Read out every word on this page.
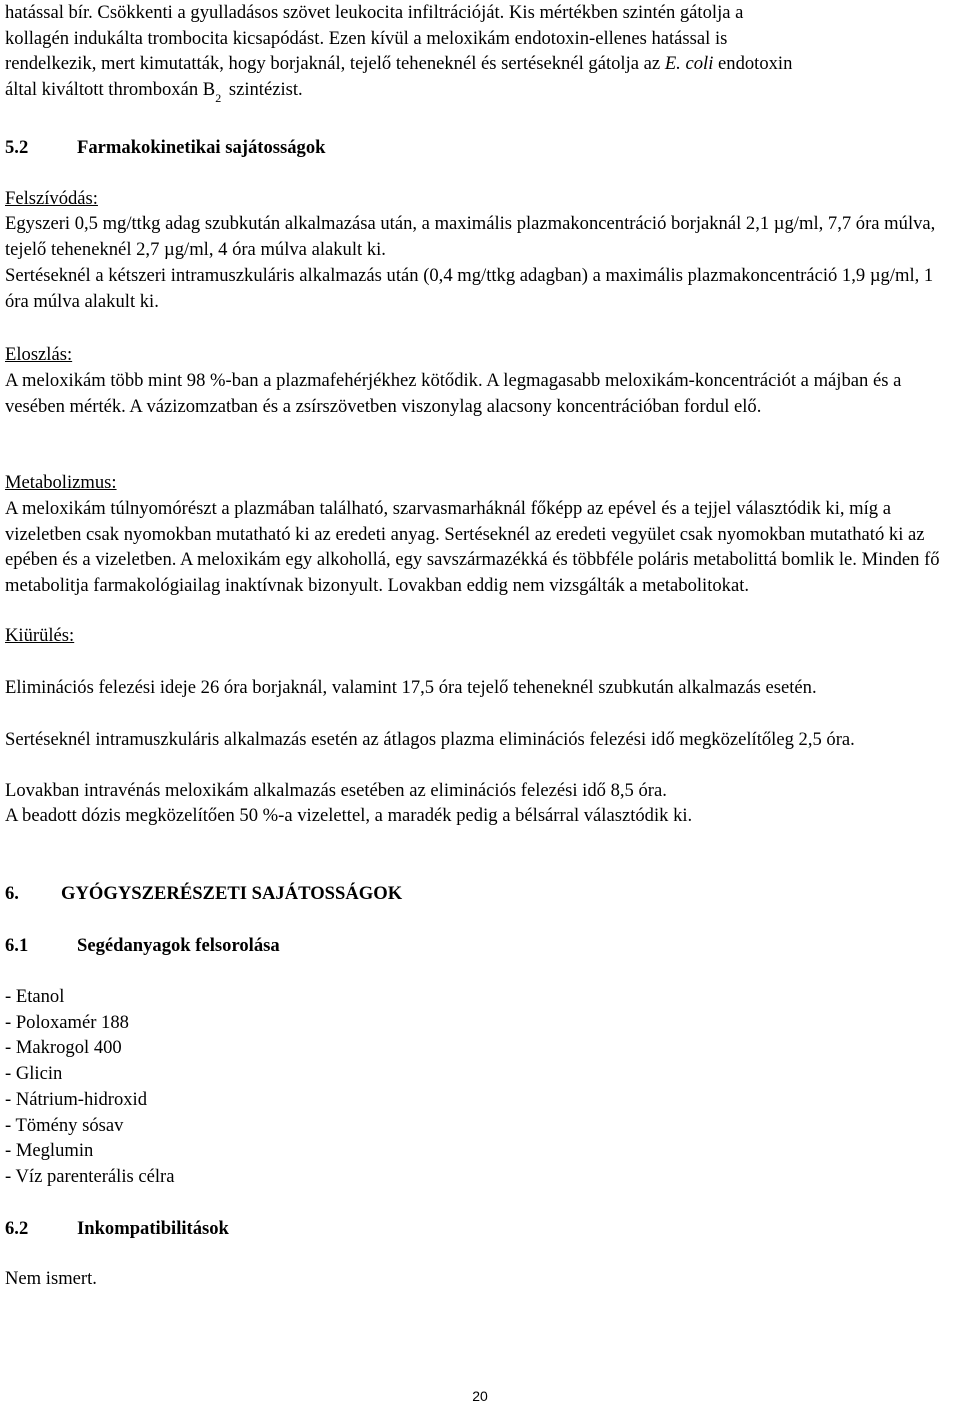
hatással bír. Csökkenti a gyulladásos szövet leukocita infiltrációját. Kis mértékben szintén gátolja a
kollagén indukálta trombocita kicsapódást. Ezen kívül a meloxikám endotoxin-ellenes hatással is
rendelkezik, mert kimutatták, hogy borjaknál, tejelő teheneknél és sertéseknél gátolja az E. coli endotoxin
által kiváltott thromboxán $B_2$ szintézist.
5.2	Farmakokinetikai sajátosságok
Felszívódás:

Egyszeri 0,5 mg/ttkg adag szubkután alkalmazása után, a maximális plazmakoncentráció borjaknál 2,1 µg/ml, 7,7 óra múlva, tejelő teheneknél 2,7 µg/ml, 4 óra múlva alakult ki.

Sertéseknél a kétszeri intramuszkuláris alkalmazás után (0,4 mg/ttkg adagban) a maximális plazmakoncentráció 1,9 µg/ml, 1 óra múlva alakult ki.

Eloszlás:

A meloxikám több mint 98 %-ban a plazmafehérjékhez kötődik. A legmagasabb meloxikám-koncentrációt a májban és a vesében mérték. A vázizomzatban és a zsírszövetben viszonylag alacsony koncentrációban fordul elő.

Metabolizmus:

A meloxikám túlnyomórészt a plazmában található, szarvasmarháknál főképp az epével és a tejjel választódik ki, míg a vizeletben csak nyomokban mutatható ki az eredeti anyag. Sertéseknél az eredeti vegyület csak nyomokban mutatható ki az epében és a vizeletben. A meloxikám egy alkohollá, egy savszármazékká és többféle poláris metabolittá bomlik le. Minden fő metabolitja farmakológiailag inaktívnak bizonyult. Lovakban eddig nem vizsgálták a metabolitokat.

Kiürülés:

Eliminációs felezési ideje 26 óra borjaknál, valamint 17,5 óra tejelő teheneknél szubkután alkalmazás esetén.

Sertéseknél intramuszkuláris alkalmazás esetén az átlagos plazma eliminációs felezési idő megközelítőleg 2,5 óra.

Lovakban intravénás meloxikám alkalmazás esetében az eliminációs felezési idő 8,5 óra.

A beadott dózis megközelítően 50 %-a vizelettel, a maradék pedig a bélsárral választódik ki.

6. GYÓGYSZERÉSZETI SAJÁTOSSÁGOK
6.1	Segédanyagok felsorolása
- Etanol
- Poloxamér 188
- Makrogol 400
- Glicin
- Nátrium-hidroxid
- Tömény sósav
- Meglumin
- Víz parenterális célra
6.2	Inkompatibilitások

Nem ismert.

20
